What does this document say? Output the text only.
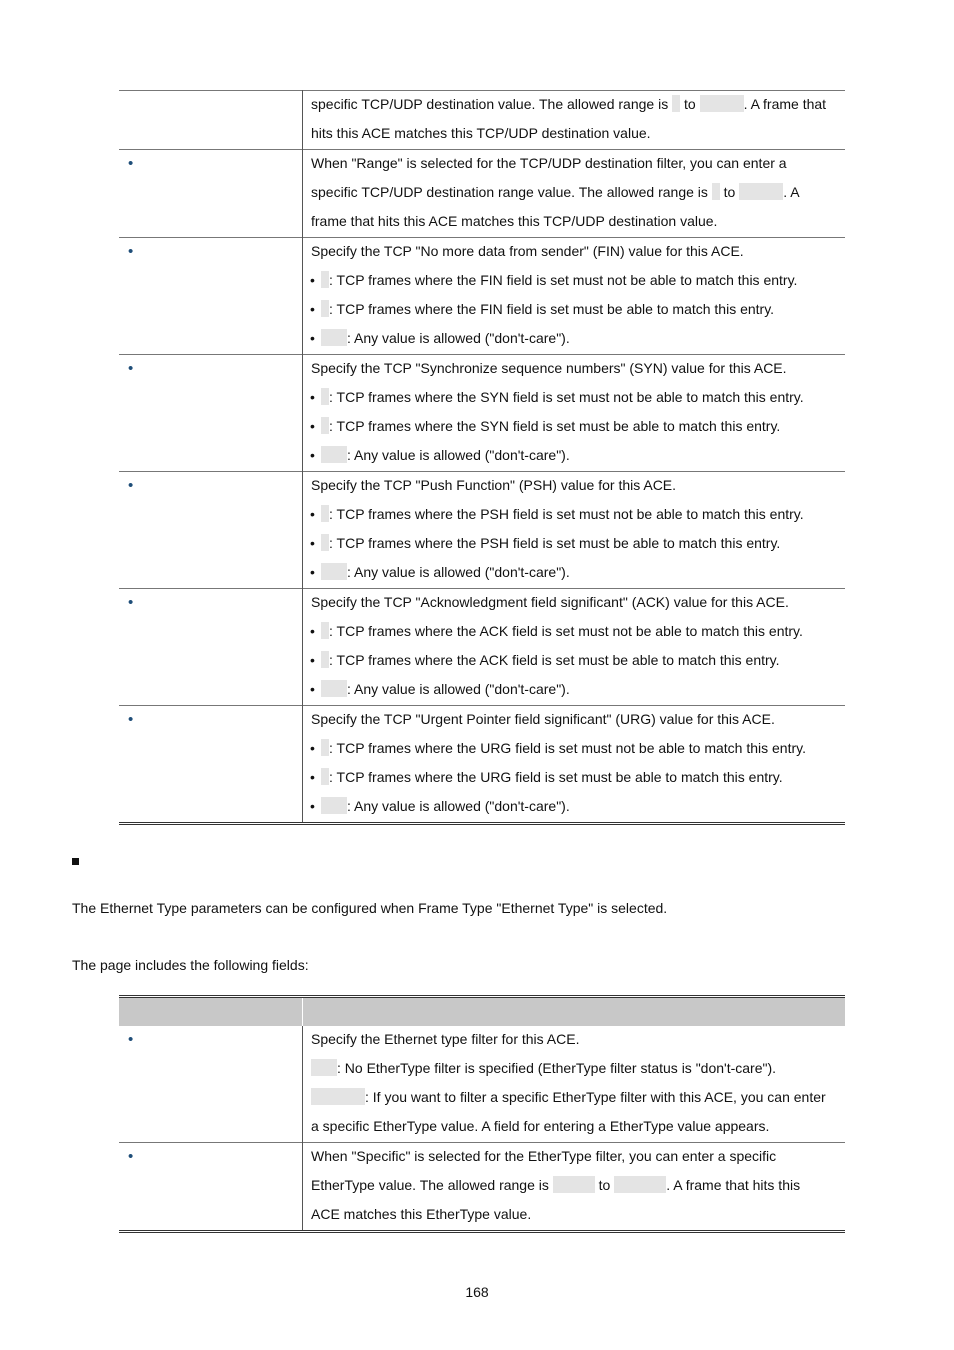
	specific TCP/UDP destination value. The allowed range is  to . A frame that
hits this ACE matches this TCP/UDP destination value.

•	When "Range" is selected for the TCP/UDP destination filter, you can enter a
specific TCP/UDP destination range value. The allowed range is  to . A
frame that hits this ACE matches this TCP/UDP destination value.

•	Specify the TCP "No more data from sender" (FIN) value for this ACE.
• : TCP frames where the FIN field is set must not be able to match this entry.
• : TCP frames where the FIN field is set must be able to match this entry.
• : Any value is allowed ("don't-care").

•	Specify the TCP "Synchronize sequence numbers" (SYN) value for this ACE.
• : TCP frames where the SYN field is set must not be able to match this entry.
• : TCP frames where the SYN field is set must be able to match this entry.
• : Any value is allowed ("don't-care").

•	Specify the TCP "Push Function" (PSH) value for this ACE.
• : TCP frames where the PSH field is set must not be able to match this entry.
• : TCP frames where the PSH field is set must be able to match this entry.
• : Any value is allowed ("don't-care").

•	Specify the TCP "Acknowledgment field significant" (ACK) value for this ACE.
• : TCP frames where the ACK field is set must not be able to match this entry.
• : TCP frames where the ACK field is set must be able to match this entry.
• : Any value is allowed ("don't-care").

•	Specify the TCP "Urgent Pointer field significant" (URG) value for this ACE.
• : TCP frames where the URG field is set must not be able to match this entry.
• : TCP frames where the URG field is set must be able to match this entry.
• : Any value is allowed ("don't-care").

The Ethernet Type parameters can be configured when Frame Type "Ethernet Type" is selected.

The page includes the following fields:

•	Specify the Ethernet type filter for this ACE.
: No EtherType filter is specified (EtherType filter status is "don't-care").
: If you want to filter a specific EtherType filter with this ACE, you can enter
a specific EtherType value. A field for entering a EtherType value appears.

•	When "Specific" is selected for the EtherType filter, you can enter a specific
EtherType value. The allowed range is to . A frame that hits this
ACE matches this EtherType value.
168
